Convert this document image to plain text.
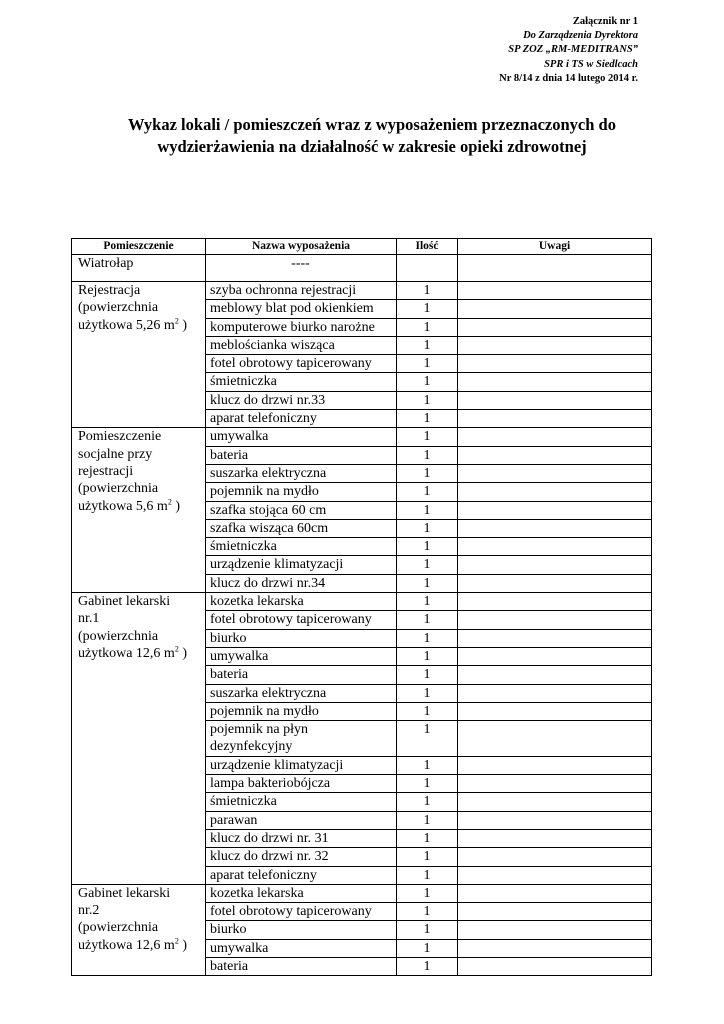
Załącznik nr 1
Do Zarządzenia Dyrektora
SP ZOZ „RM-MEDITRANS”
SPR i TS w Siedlcach
Nr 8/14 z dnia 14 lutego 2014 r.
Wykaz lokali / pomieszczeń wraz z wyposażeniem przeznaczonych do
wydzierżawienia na działalność w zakresie opieki zdrowotnej
Pomieszczenie	Nazwa wyposażenia	Ilość	Uwagi
Wiatrołap	----		

Rejestracja
(powierzchnia
użytkowa 5,26 $m^2$ )	szyba ochronna rejestracji	1	
	meblowy blat pod okienkiem	1	
	komputerowe biurko narożne	1	
	meblościanka wisząca	1	
	fotel obrotowy tapicerowany	1	
	śmietniczka	1	
	klucz do drzwi nr.33	1	
	aparat telefoniczny	1	

Pomieszczenie
socjalne przy
rejestracji
(powierzchnia
użytkowa 5,6 $m^2$ )	umywalka	1	
	bateria	1	
	suszarka elektryczna	1	
	pojemnik na mydło	1	
	szafka stojąca 60 cm	1	
	szafka wisząca 60cm	1	
	śmietniczka	1	
	urządzenie klimatyzacji	1	
	klucz do drzwi nr.34	1	

Gabinet lekarski
nr.1
(powierzchnia
użytkowa 12,6 $m^2$ )	kozetka lekarska	1	
	fotel obrotowy tapicerowany	1	
	biurko	1	
	umywalka	1	
	bateria	1	
	suszarka elektryczna	1	
	pojemnik na mydło	1	
	pojemnik na płyn dezynfekcyjny	1	
	urządzenie klimatyzacji	1	
	lampa bakteriobójcza	1	
	śmietniczka	1	
	parawan	1	
	klucz do drzwi nr. 31	1	
	klucz do drzwi nr. 32	1	
	aparat telefoniczny	1	

Gabinet lekarski
nr.2
(powierzchnia
użytkowa 12,6 $m^2$ )	kozetka lekarska	1	
	fotel obrotowy tapicerowany	1	
	biurko	1	
	umywalka	1	
	bateria	1	
